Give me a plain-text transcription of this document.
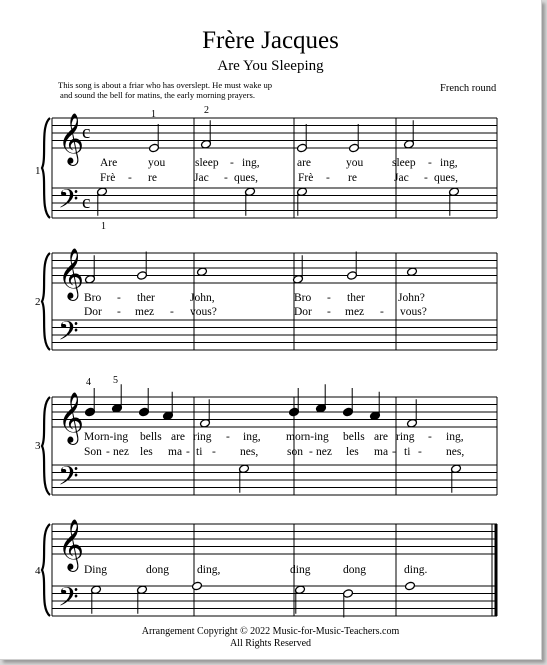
Frère Jacques
Are You Sleeping
This song is about a friar who has overslept. He must wake up
and sound the bell for matins, the early morning prayers.
French round
𝄞
𝄢
c
c
𝄞
𝄢
𝄞
𝄢
𝄞
𝄢
1
2
3
4
1	2
1
4 5
Are	you	sleep - ing,	are	you	sleep - ing,
Frè - re	Jac - ques,	Frè - re	Jac - ques,
Bro - ther	John,	Bro - ther	John?
Dor - mez - vous?	Dor - mez - vous?
Morn-ing bells are ring - ing, morn-ing bells are ring - ing,
Son - nez les ma - ti - nes,	son - nez les ma - ti - nes,
Ding	dong ding,	ding	dong	ding.
Arrangement Copyright © 2022 Music-for-Music-Teachers.com
All Rights Reserved
